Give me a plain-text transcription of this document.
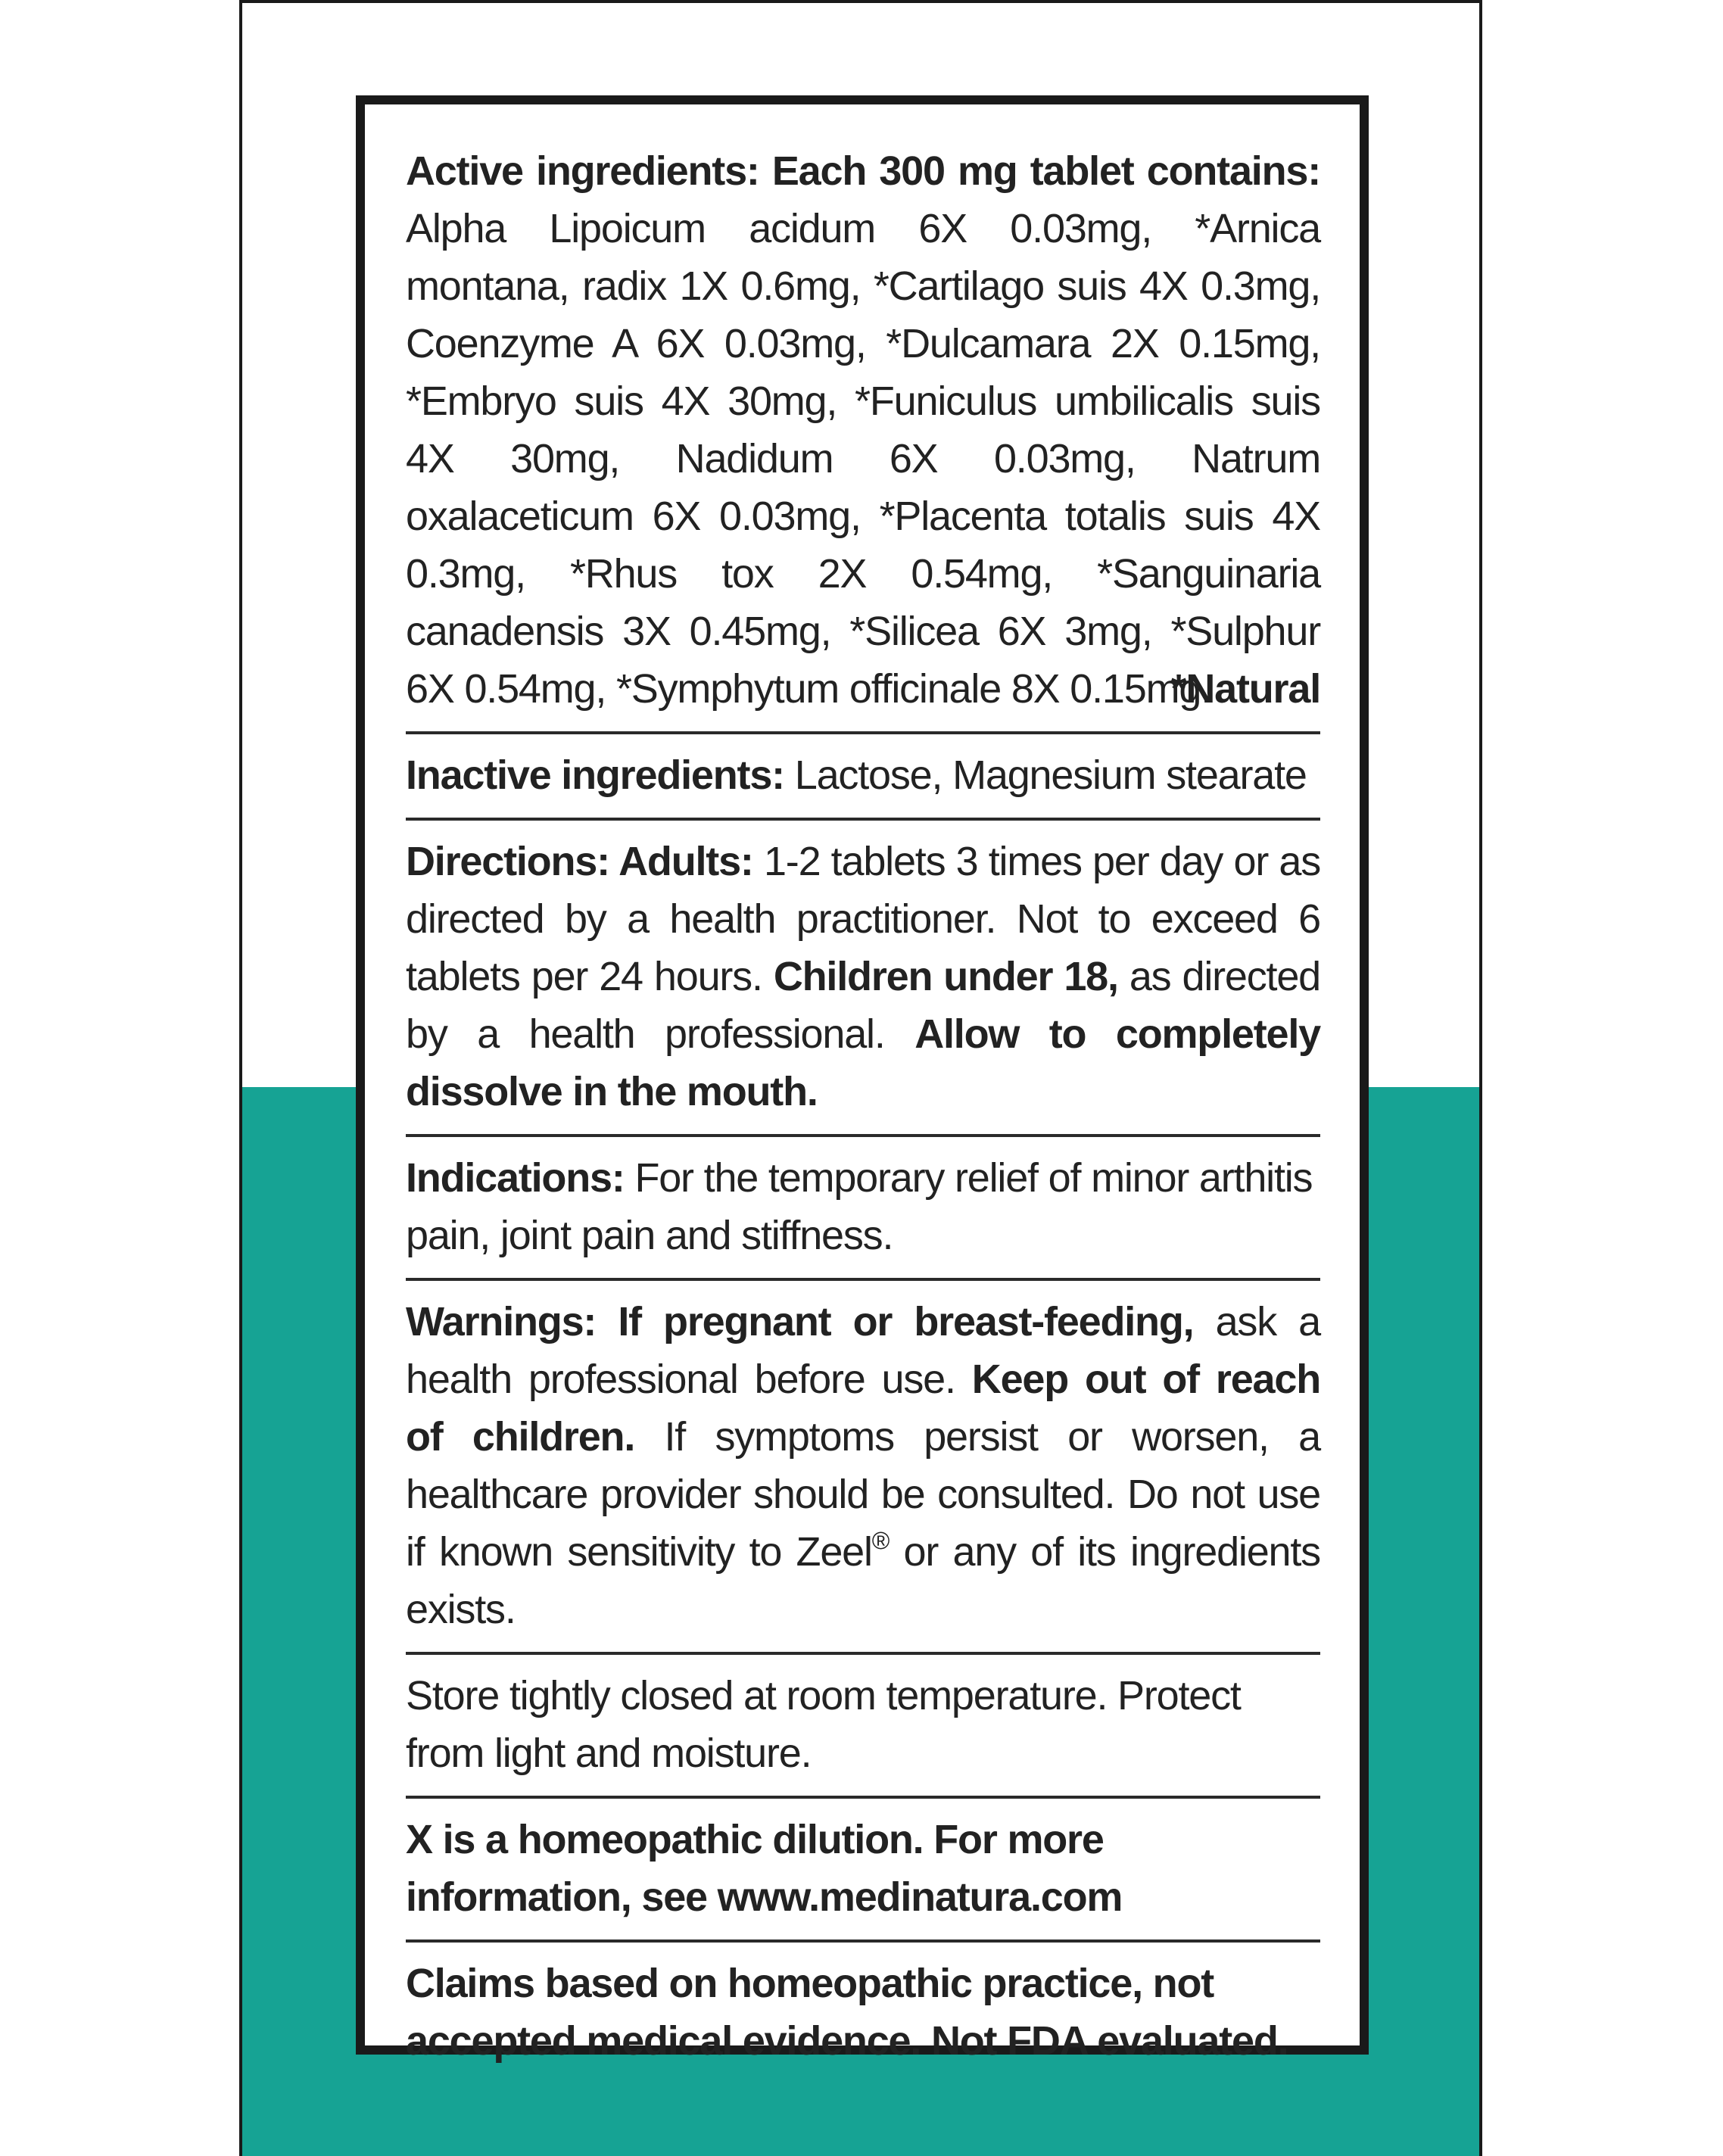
Active ingredients: Each 300 mg tablet contains: Alpha Lipoicum acidum 6X 0.03mg, *Arnica montana, radix 1X 0.6mg, *Cartilago suis 4X 0.3mg, Coenzyme A 6X 0.03mg, *Dulcamara 2X 0.15mg, *Embryo suis 4X 30mg, *Funiculus umbilicalis suis 4X 30mg, Nadidum 6X 0.03mg, Natrum oxalaceticum 6X 0.03mg, *Placenta totalis suis 4X 0.3mg, *Rhus tox 2X 0.54mg, *Sanguinaria canadensis 3X 0.45mg, *Silicea 6X 3mg, *Sulphur 6X 0.54mg, *Symphytum officinale 8X 0.15mg.
*Natural
Inactive ingredients: Lactose, Magnesium stearate
Directions: Adults: 1-2 tablets 3 times per day or as directed by a health practitioner. Not to exceed 6 tablets per 24 hours. Children under 18, as directed by a health professional. Allow to completely dissolve in the mouth.
Indications: For the temporary relief of minor arthitis pain, joint pain and stiffness.
Warnings: If pregnant or breast-feeding, ask a health professional before use. Keep out of reach of children. If symptoms persist or worsen, a healthcare provider should be consulted. Do not use if known sensitivity to Zeel® or any of its ingredients exists.
Store tightly closed at room temperature. Protect from light and moisture.
X is a homeopathic dilution. For more information, see www.medinatura.com
Claims based on homeopathic practice, not accepted medical evidence. Not FDA evaluated.
